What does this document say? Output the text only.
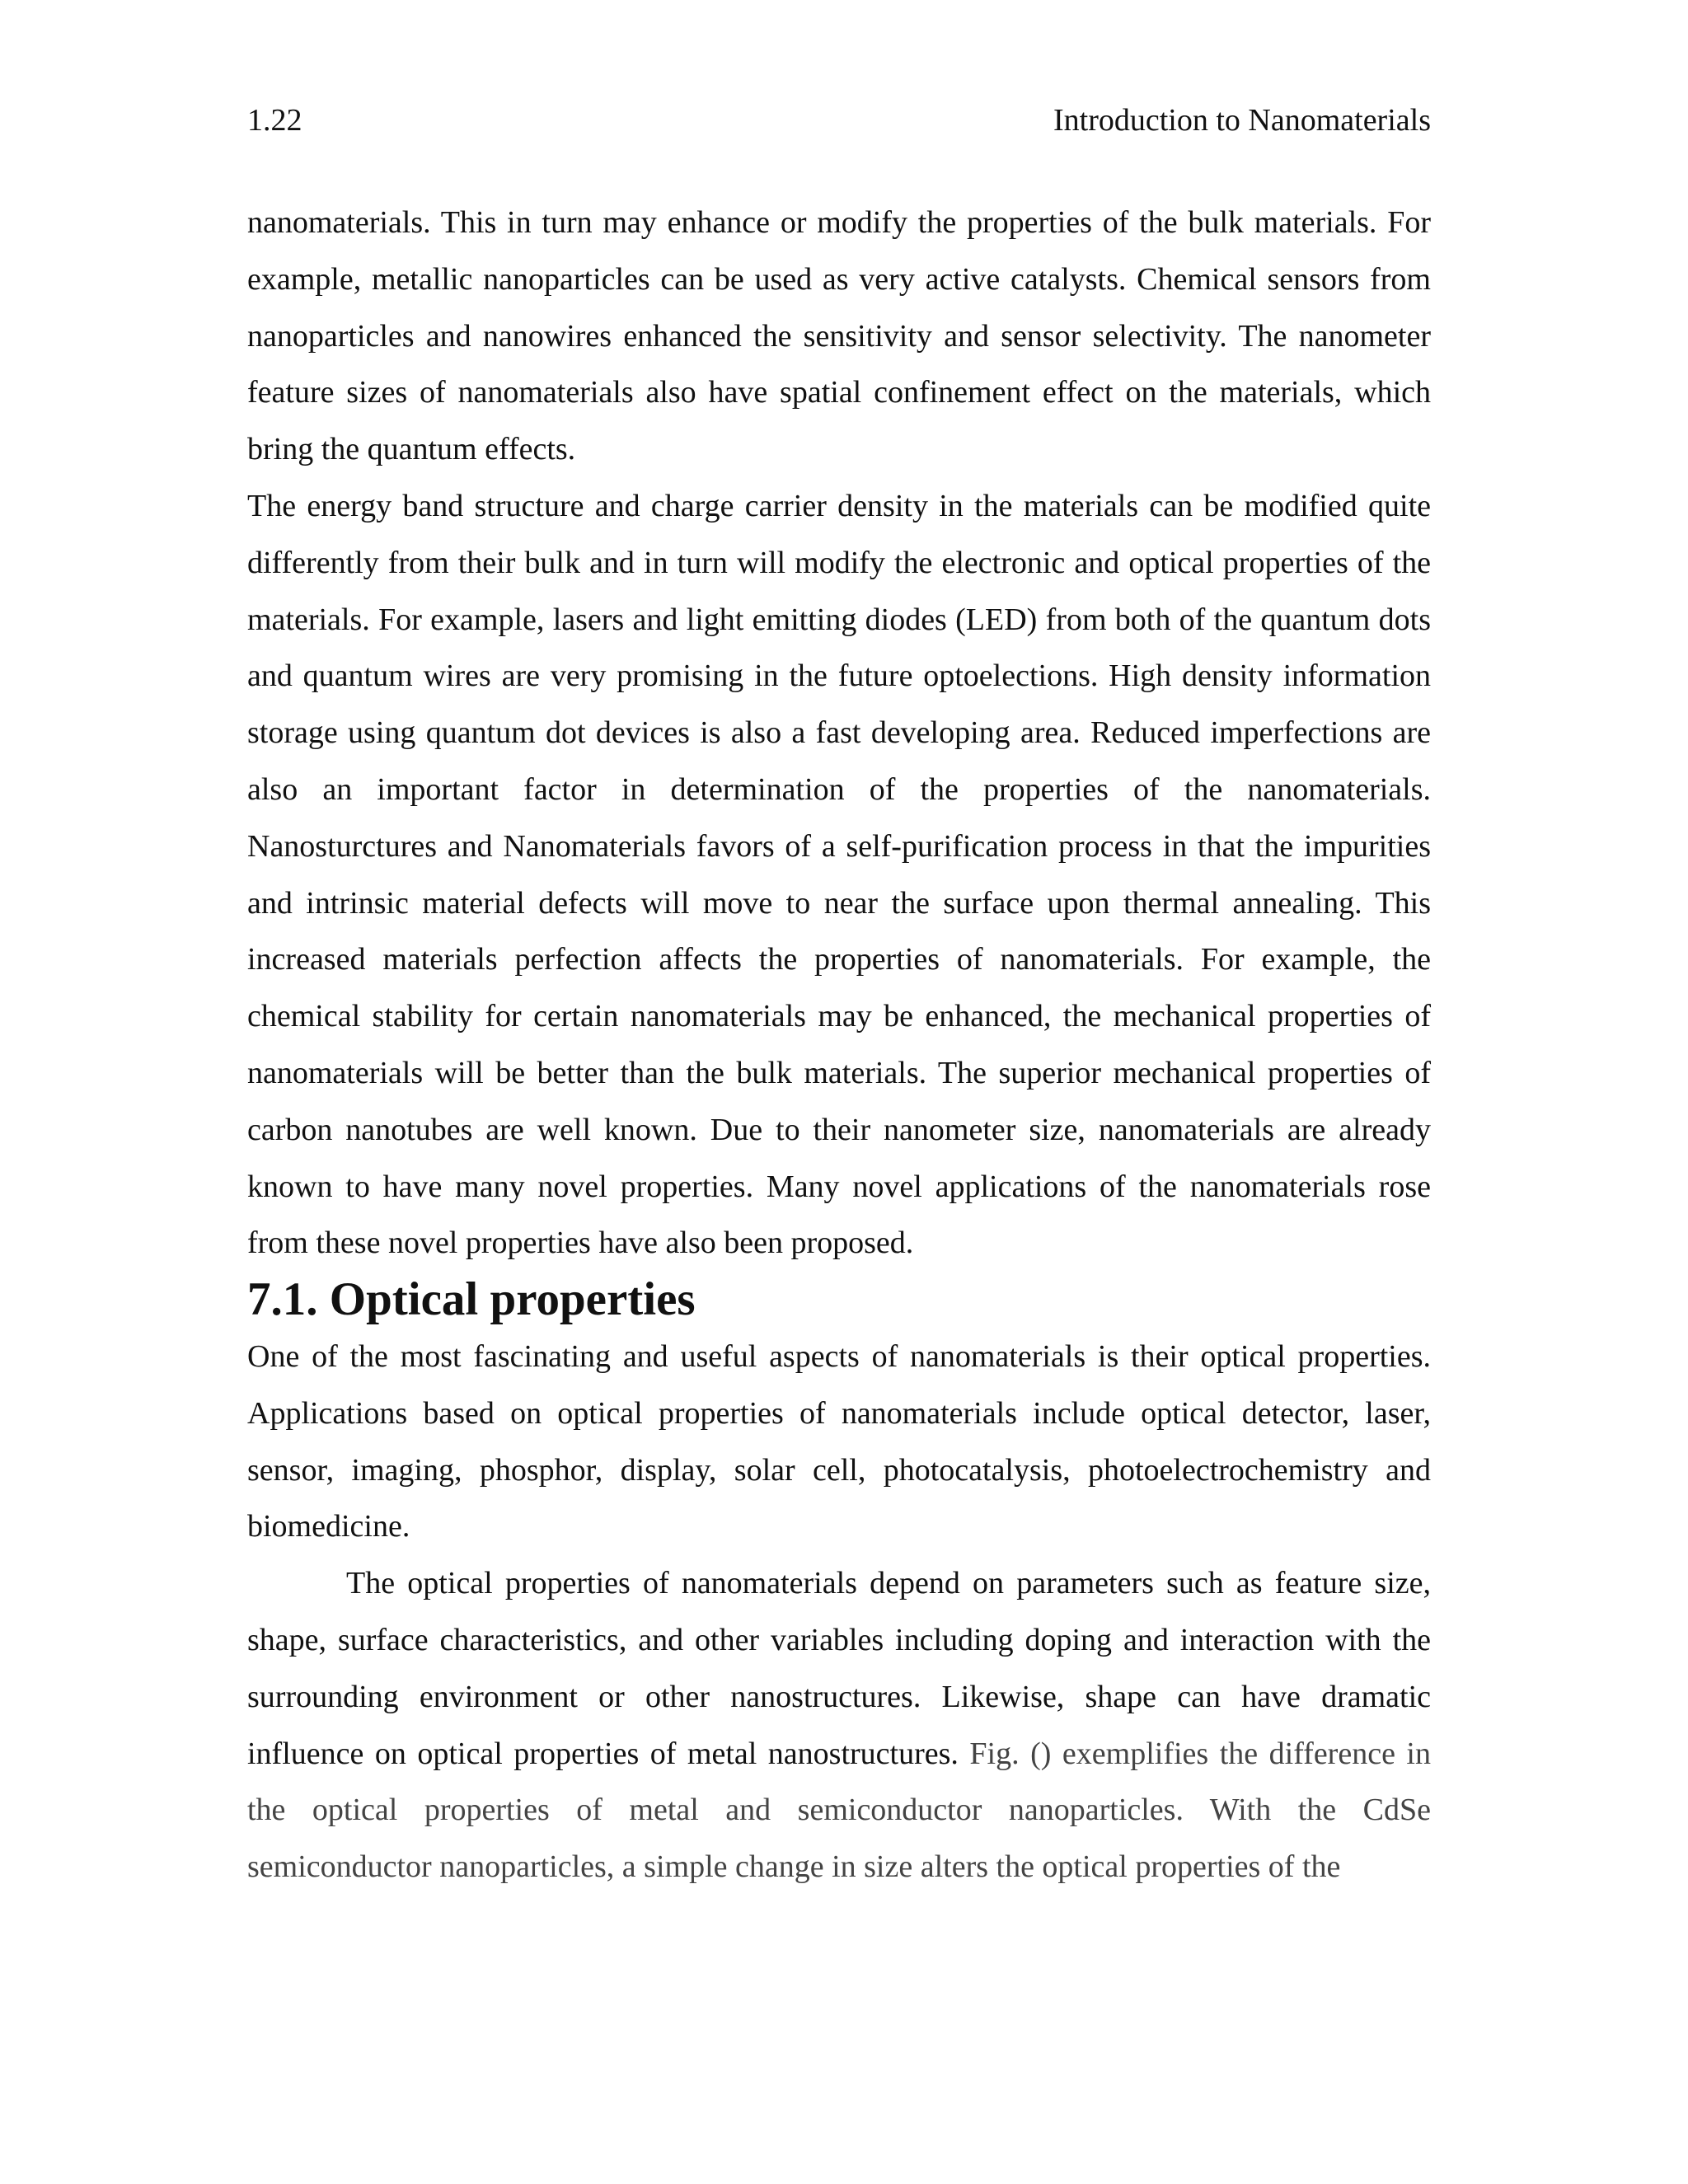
1.22	Introduction to Nanomaterials

nanomaterials. This in turn may enhance or modify the properties of the bulk materials. For example, metallic nanoparticles can be used as very active catalysts. Chemical sensors from nanoparticles and nanowires enhanced the sensitivity and sensor selectivity. The nanometer feature sizes of nanomaterials also have spatial confinement effect on the materials, which bring the quantum effects.

The energy band structure and charge carrier density in the materials can be modified quite differently from their bulk and in turn will modify the electronic and optical properties of the materials. For example, lasers and light emitting diodes (LED) from both of the quantum dots and quantum wires are very promising in the future optoelections. High density information storage using quantum dot devices is also a fast developing area. Reduced imperfections are also an important factor in determination of the properties of the nanomaterials. Nanosturctures and Nanomaterials favors of a self-purification process in that the impurities and intrinsic material defects will move to near the surface upon thermal annealing. This increased materials perfection affects the properties of nanomaterials. For example, the chemical stability for certain nanomaterials may be enhanced, the mechanical properties of nanomaterials will be better than the bulk materials. The superior mechanical properties of carbon nanotubes are well known. Due to their nanometer size, nanomaterials are already known to have many novel properties. Many novel applications of the nanomaterials rose from these novel properties have also been proposed.

7.1. Optical properties

One of the most fascinating and useful aspects of nanomaterials is their optical properties. Applications based on optical properties of nanomaterials include optical detector, laser, sensor, imaging, phosphor, display, solar cell, photocatalysis, photoelectrochemistry and biomedicine.

The optical properties of nanomaterials depend on parameters such as feature size, shape, surface characteristics, and other variables including doping and interaction with the surrounding environment or other nanostructures. Likewise, shape can have dramatic influence on optical properties of metal nanostructures. Fig. () exemplifies the difference in the optical properties of metal and semiconductor nanoparticles. With the CdSe semiconductor nanoparticles, a simple change in size alters the optical properties of the
